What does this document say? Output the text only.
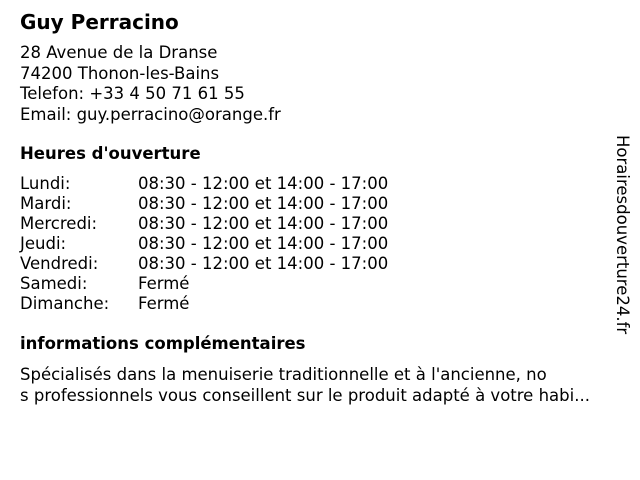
Guy Perracino
28 Avenue de la Dranse
74200 Thonon-les-Bains
Telefon: +33 4 50 71 61 55
Email: guy.perracino@orange.fr
Heures d'ouverture
Lundi:	08:30 - 12:00 et 14:00 - 17:00
Mardi:	08:30 - 12:00 et 14:00 - 17:00
Mercredi: 08:30 - 12:00 et 14:00 - 17:00
Jeudi:	08:30 - 12:00 et 14:00 - 17:00
Vendredi: 08:30 - 12:00 et 14:00 - 17:00
Samedi:	Fermé
Dimanche: Fermé
informations complémentaires
Spécialisés dans la menuiserie traditionnelle et à l'ancienne, no
s professionnels vous conseillent sur le produit adapté à votre habi...
Horairesdouverture24.fr
